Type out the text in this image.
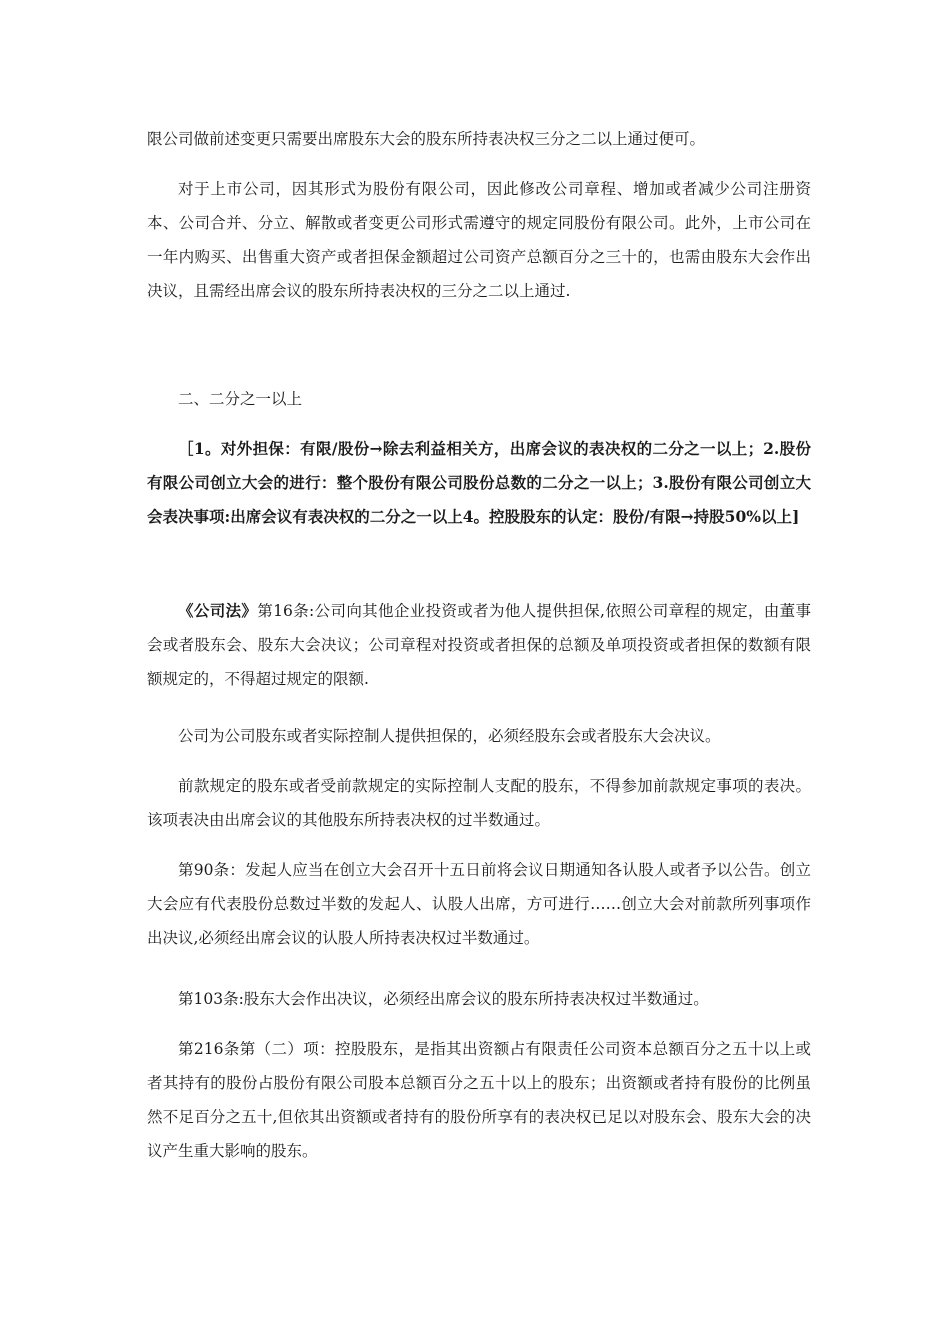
限公司做前述变更只需要出席股东大会的股东所持表决权三分之二以上通过便可。

对于上市公司，因其形式为股份有限公司，因此修改公司章程、增加或者减少公司注册资本、公司合并、分立、解散或者变更公司形式需遵守的规定同股份有限公司。此外，上市公司在一年内购买、出售重大资产或者担保金额超过公司资产总额百分之三十的，也需由股东大会作出决议，且需经出席会议的股东所持表决权的三分之二以上通过.

二、二分之一以上

［1。对外担保：有限/股份→除去利益相关方，出席会议的表决权的二分之一以上；2.股份有限公司创立大会的进行：整个股份有限公司股份总数的二分之一以上；3.股份有限公司创立大会表决事项:出席会议有表决权的二分之一以上4。控股股东的认定：股份/有限→持股50%以上]

《公司法》第16条:公司向其他企业投资或者为他人提供担保,依照公司章程的规定，由董事会或者股东会、股东大会决议；公司章程对投资或者担保的总额及单项投资或者担保的数额有限额规定的，不得超过规定的限额.

公司为公司股东或者实际控制人提供担保的，必须经股东会或者股东大会决议。

前款规定的股东或者受前款规定的实际控制人支配的股东，不得参加前款规定事项的表决。该项表决由出席会议的其他股东所持表决权的过半数通过。

第90条：发起人应当在创立大会召开十五日前将会议日期通知各认股人或者予以公告。创立大会应有代表股份总数过半数的发起人、认股人出席，方可进行……创立大会对前款所列事项作出决议,必须经出席会议的认股人所持表决权过半数通过。

第103条:股东大会作出决议，必须经出席会议的股东所持表决权过半数通过。

第216条第（二）项：控股股东，是指其出资额占有限责任公司资本总额百分之五十以上或者其持有的股份占股份有限公司股本总额百分之五十以上的股东；出资额或者持有股份的比例虽然不足百分之五十,但依其出资额或者持有的股份所享有的表决权已足以对股东会、股东大会的决议产生重大影响的股东。
